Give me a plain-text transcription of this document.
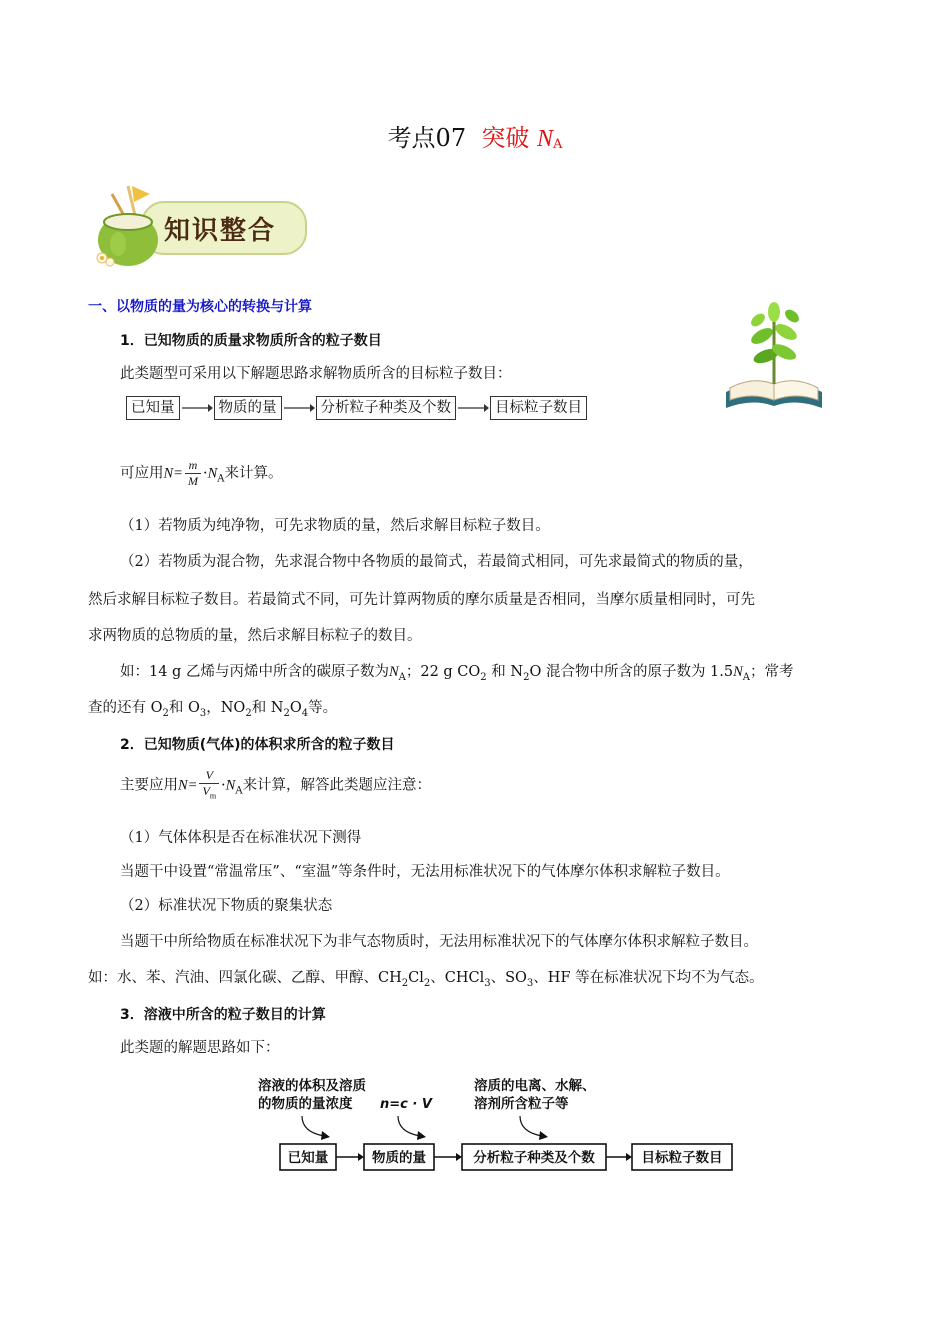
考点07 突破 $N_A$
知识整合
一、以物质的量为核心的转换与计算
1．已知物质的质量求物质所含的粒子数目
此类题型可采用以下解题思路求解物质所含的目标粒子数目：
已知量	物质的量	分析粒子种类及个数	目标粒子数目
可应用$N= \frac{m}{M} \cdot N_A$来计算。
（1）若物质为纯净物，可先求物质的量，然后求解目标粒子数目。
（2）若物质为混合物，先求混合物中各物质的最简式，若最简式相同，可先求最简式的物质的量，
然后求解目标粒子数目。若最简式不同，可先计算两物质的摩尔质量是否相同，当摩尔质量相同时，可先
求两物质的总物质的量，然后求解目标粒子的数目。
如：14 g 乙烯与丙烯中所含的碳原子数为$N_A$；22 g $CO_2$ 和 $N_2O$ 混合物中所含的原子数为 $1.5N_A$；常考
查的还有 $O_2$和 $O_3$，$NO_2$和 $N_2O_4$等。
2．已知物质(气体)的体积求所含的粒子数目
主要应用$N= \frac{V}{V_m} \cdot N_A$来计算，解答此类题应注意：
（1）气体体积是否在标准状况下测得
当题干中设置“常温常压”、“室温”等条件时，无法用标准状况下的气体摩尔体积求解粒子数目。
（2）标准状况下物质的聚集状态
当题干中所给物质在标准状况下为非气态物质时，无法用标准状况下的气体摩尔体积求解粒子数目。
如：水、苯、汽油、四氯化碳、乙醇、甲醇、$CH_2Cl_2$、CHCl$_3$、$SO_3$、HF 等在标准状况下均不为气态。
3．溶液中所含的粒子数目的计算
此类题的解题思路如下：
溶液的体积及溶质
的物质的量浓度 n=c · V
溶质的电离、水解、
溶剂所含粒子等
已知量	物质的量	分析粒子种类及个数	目标粒子数目
